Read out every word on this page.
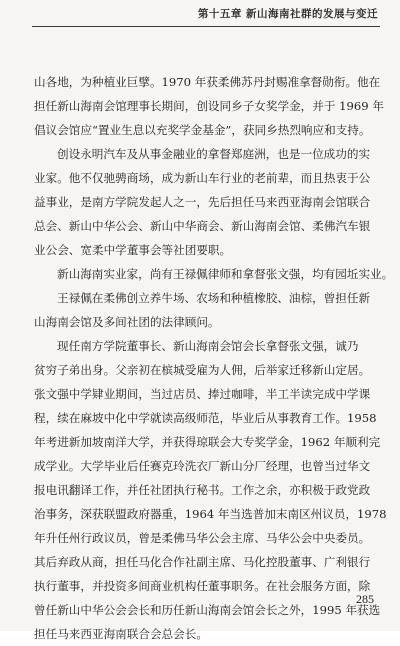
第十五章 新山海南社群的发展与变迁
山各地，为种植业巨擘。1970 年获柔佛苏丹封赐准拿督勋衔。他在
担任新山海南会馆理事长期间，创设同乡子女奖学金，并于 1969 年
倡议会馆应“置业生息以充奖学金基金”，获同乡热烈响应和支持。
创设永明汽车及从事金融业的拿督郑庭洲，也是一位成功的实
业家。他不仅驰骋商场，成为新山车行业的老前辈，而且热衷于公
益事业，是南方学院发起人之一，先后担任马来西亚海南会馆联合
总会、新山中华公会、新山中华商会、新山海南会馆、柔佛汽车银
业公会、宽柔中学董事会等社团要职。
新山海南实业家，尚有王禄佩律师和拿督张文强，均有园坵实业。
王禄佩在柔佛创立养牛场、农场和种植橡胶、油棕，曾担任新
山海南会馆及多间社团的法律顾问。
现任南方学院董事长、新山海南会馆会长拿督张文强，诚乃
贫穷子弟出身。父亲初在槟城受雇为人佣，后举家迁移新山定居。
张文强中学肄业期间，当过店员、捧过咖啡，半工半读完成中学课
程，续在麻坡中化中学就读高级师范，毕业后从事教育工作。1958
年考进新加坡南洋大学，并获得琼联会大专奖学金，1962 年顺利完
成学业。大学毕业后任赛克玲洗衣厂新山分厂经理，也曾当过华文
报电讯翻译工作，并任社团执行秘书。工作之余，亦积极于政党政
治事务，深获联盟政府器重，1964 年当选普加末南区州议员，1978
年升任州行政议员，曾是柔佛马华公会主席、马华公会中央委员。
其后弃政从商，担任马化合作社副主席、马化控股董事、广利银行
执行董事，并投资多间商业机构任董事职务。在社会服务方面，除
曾任新山中华公会会长和历任新山海南会馆会长之外，1995 年获选
担任马来西亚海南联合会总会长。
285
